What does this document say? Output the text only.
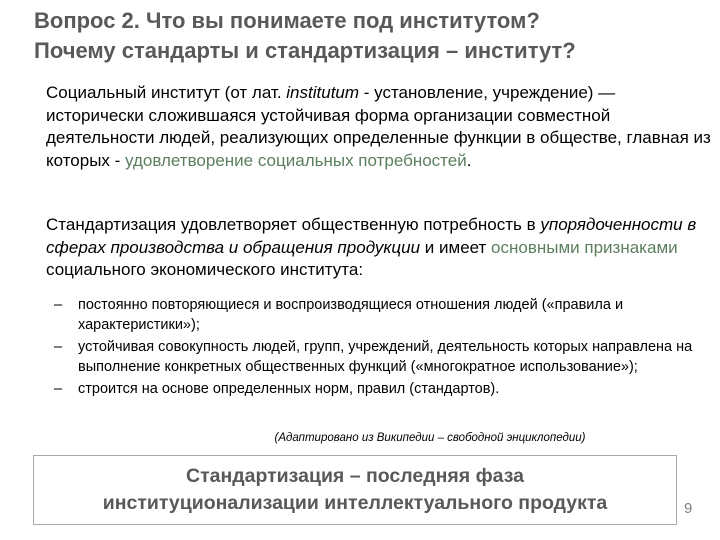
Вопрос 2. Что вы понимаете под институтом?
Почему стандарты и стандартизация – институт?
Социальный институт (от лат. institutum - установление, учреждение) — исторически сложившаяся устойчивая форма организации совместной деятельности людей, реализующих определенные функции в обществе, главная из которых - удовлетворение социальных потребностей.
Стандартизация удовлетворяет общественную потребность в упорядоченности в сферах производства и обращения продукции и имеет основными признаками социального экономического института:
– постоянно повторяющиеся и воспроизводящиеся отношения людей («правила и характеристики»);
– устойчивая совокупность людей, групп, учреждений, деятельность которых направлена на выполнение конкретных общественных функций («многократное использование»);
– строится на основе определенных норм, правил (стандартов).
(Адаптировано из Википедии – свободной энциклопедии)
Стандартизация – последняя фаза
институционализации интеллектуального продукта	9
